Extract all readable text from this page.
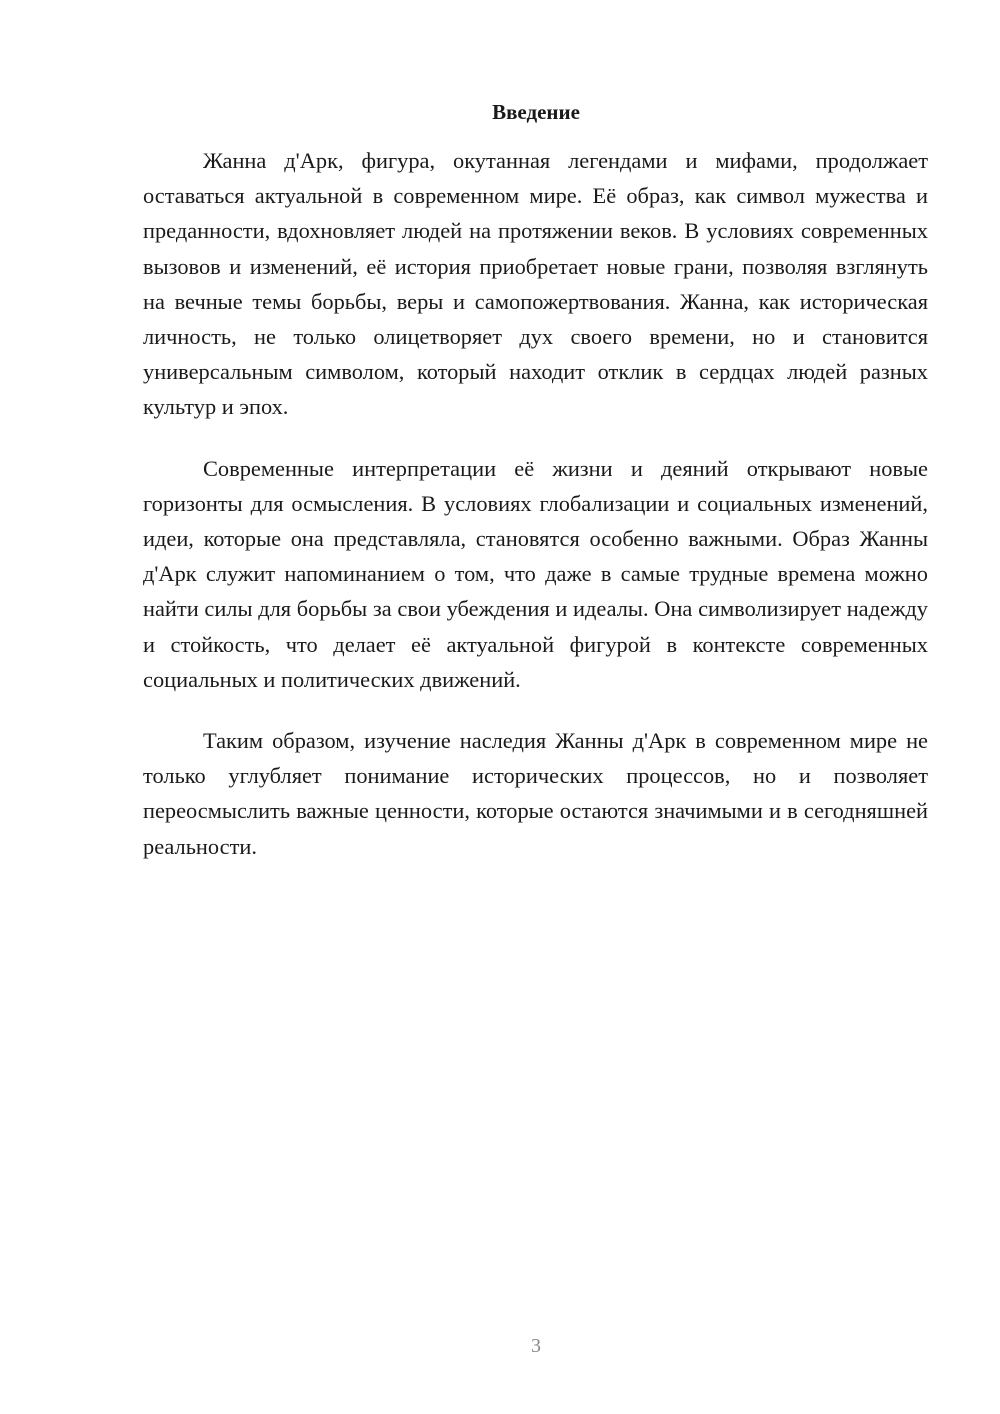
Введение

Жанна д'Арк, фигура, окутанная легендами и мифами, продолжает оставаться актуальной в современном мире. Её образ, как символ мужества и преданности, вдохновляет людей на протяжении веков. В условиях современных вызовов и изменений, её история приобретает новые грани, позволяя взглянуть на вечные темы борьбы, веры и самопожертвования. Жанна, как историческая личность, не только олицетворяет дух своего времени, но и становится универсальным символом, который находит отклик в сердцах людей разных культур и эпох.

Современные интерпретации её жизни и деяний открывают новые горизонты для осмысления. В условиях глобализации и социальных изменений, идеи, которые она представляла, становятся особенно важными. Образ Жанны д'Арк служит напоминанием о том, что даже в самые трудные времена можно найти силы для борьбы за свои убеждения и идеалы. Она символизирует надежду и стойкость, что делает её актуальной фигурой в контексте современных социальных и политических движений.

Таким образом, изучение наследия Жанны д'Арк в современном мире не только углубляет понимание исторических процессов, но и позволяет переосмыслить важные ценности, которые остаются значимыми и в сегодняшней реальности.

3
